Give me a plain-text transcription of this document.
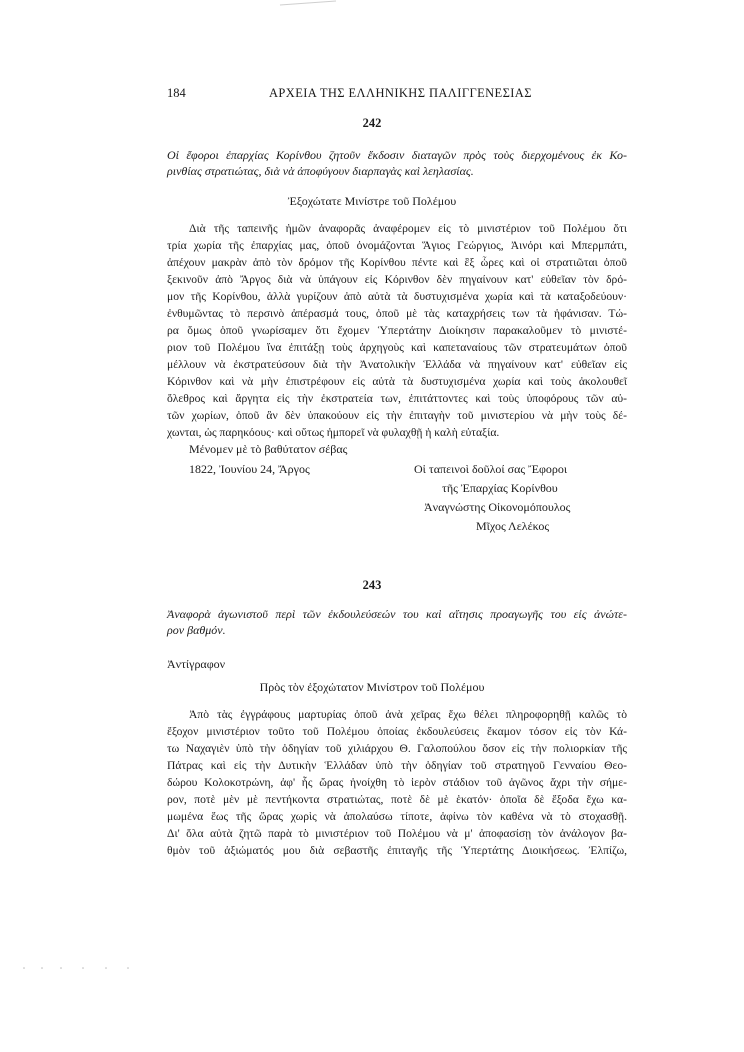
184	ΑΡΧΕΙΑ ΤΗΣ ΕΛΛΗΝΙΚΗΣ ΠΑΛΙΓΓΕΝΕΣΙΑΣ
242
Οἱ ἔφοροι ἐπαρχίας Κορίνθου ζητοῦν ἔκδοσιν διαταγῶν πρὸς τοὺς διερχομένους ἐκ Κο-
ρινθίας στρατιώτας, διὰ νὰ ἀποφύγουν διαρπαγὰς καὶ λεηλασίας.
Ἐξοχώτατε Μινίστρε τοῦ Πολέμου
Διὰ τῆς ταπεινῆς ἡμῶν ἀναφορᾶς ἀναφέρομεν εἰς τὸ μινιστέριον τοῦ Πολέμου ὅτι
τρία χωρία τῆς ἐπαρχίας μας, ὁποῦ ὀνομάζονται Ἅγιος Γεώργιος, Ἀινόρι καὶ Μπερμπάτι,
ἀπέχουν μακρὰν ἀπὸ τὸν δρόμον τῆς Κορίνθου πέντε καὶ ἓξ ὧρες καὶ οἱ στρατιῶται ὁποῦ
ξεκινοῦν ἀπὸ Ἄργος διὰ νὰ ὑπάγουν εἰς Κόρινθον δὲν πηγαίνουν κατ' εὐθεῖαν τὸν δρό-
μον τῆς Κορίνθου, ἀλλὰ γυρίζουν ἀπὸ αὐτὰ τὰ δυστυχισμένα χωρία καὶ τὰ καταξοδεύουν·
ἐνθυμῶντας τὸ περσινὸ ἀπέρασμά τους, ὁποῦ μὲ τὰς καταχρήσεις των τὰ ἠφάνισαν. Τώ-
ρα ὅμως ὁποῦ γνωρίσαμεν ὅτι ἔχομεν Ὑπερτάτην Διοίκησιν παρακαλοῦμεν τὸ μινιστέ-
ριον τοῦ Πολέμου ἵνα ἐπιτάξῃ τοὺς ἀρχηγοὺς καὶ καπεταναίους τῶν στρατευμάτων ὁποῦ
μέλλουν νὰ ἐκστρατεύσουν διὰ τὴν Ἀνατολικὴν Ἑλλάδα νὰ πηγαίνουν κατ' εὐθεῖαν εἰς
Κόρινθον καὶ νὰ μὴν ἐπιστρέφουν εἰς αὐτὰ τὰ δυστυχισμένα χωρία καὶ τοὺς ἀκολουθεῖ
ὄλεθρος καὶ ἄργητα εἰς τὴν ἐκστρατεία των, ἐπιτάττοντες καὶ τοὺς ὑποφόρους τῶν αὐ-
τῶν χωρίων, ὁποῦ ἂν δὲν ὑπακούουν εἰς τὴν ἐπιταγὴν τοῦ μινιστερίου νὰ μὴν τοὺς δέ-
χωνται, ὡς παρηκόους· καὶ οὕτως ἠμπορεῖ νὰ φυλαχθῇ ἡ καλὴ εὐταξία.
Μένομεν μὲ τὸ βαθύτατον σέβας
1822, Ἰουνίου 24, Ἄργος	Οἱ ταπεινοὶ δοῦλοί σας Ἔφοροι
τῆς Ἐπαρχίας Κορίνθου
Ἀναγνώστης Οἰκονομόπουλος
Μῖχος Λελέκος
243
Ἀναφορὰ ἀγωνιστοῦ περὶ τῶν ἐκδουλεύσεών του καὶ αἴτησις προαγωγῆς του εἰς ἀνώτε-
ρον βαθμόν.
Ἀντίγραφον
Πρὸς τὸν ἐξοχώτατον Μινίστρον τοῦ Πολέμου
Ἀπὸ τὰς ἐγγράφους μαρτυρίας ὁποῦ ἀνὰ χεῖρας ἔχω θέλει πληροφορηθῇ καλῶς τὸ
ἔξοχον μινιστέριον τοῦτο τοῦ Πολέμου ὁποίας ἐκδουλεύσεις ἔκαμον τόσον εἰς τὸν Κά-
τω Ναχαγιὲν ὑπὸ τὴν ὁδηγίαν τοῦ χιλιάρχου Θ. Γαλοπούλου ὅσον εἰς τὴν πολιορκίαν τῆς
Πάτρας καὶ εἰς τὴν Δυτικὴν Ἑλλάδαν ὑπὸ τὴν ὁδηγίαν τοῦ στρατηγοῦ Γενναίου Θεο-
δώρου Κολοκοτρώνη, ἀφ' ἧς ὥρας ἠνοίχθη τὸ ἱερὸν στάδιον τοῦ ἀγῶνος ἄχρι τὴν σήμε-
ρον, ποτὲ μὲν μὲ πεντήκοντα στρατιώτας, ποτὲ δὲ μὲ ἑκατόν· ὁποῖα δὲ ἔξοδα ἔχω κα-
μωμένα ἕως τῆς ὥρας χωρὶς νὰ ἀπολαύσω τίποτε, ἀφίνω τὸν καθένα νὰ τὸ στοχασθῇ.
Δι' ὅλα αὐτὰ ζητῶ παρὰ τὸ μινιστέριον τοῦ Πολέμου νὰ μ' ἀποφασίσῃ τὸν ἀνάλογον βα-
θμὸν τοῦ ἀξιώματός μου διὰ σεβαστῆς ἐπιταγῆς τῆς Ὑπερτάτης Διοικήσεως. Ἐλπίζω,
